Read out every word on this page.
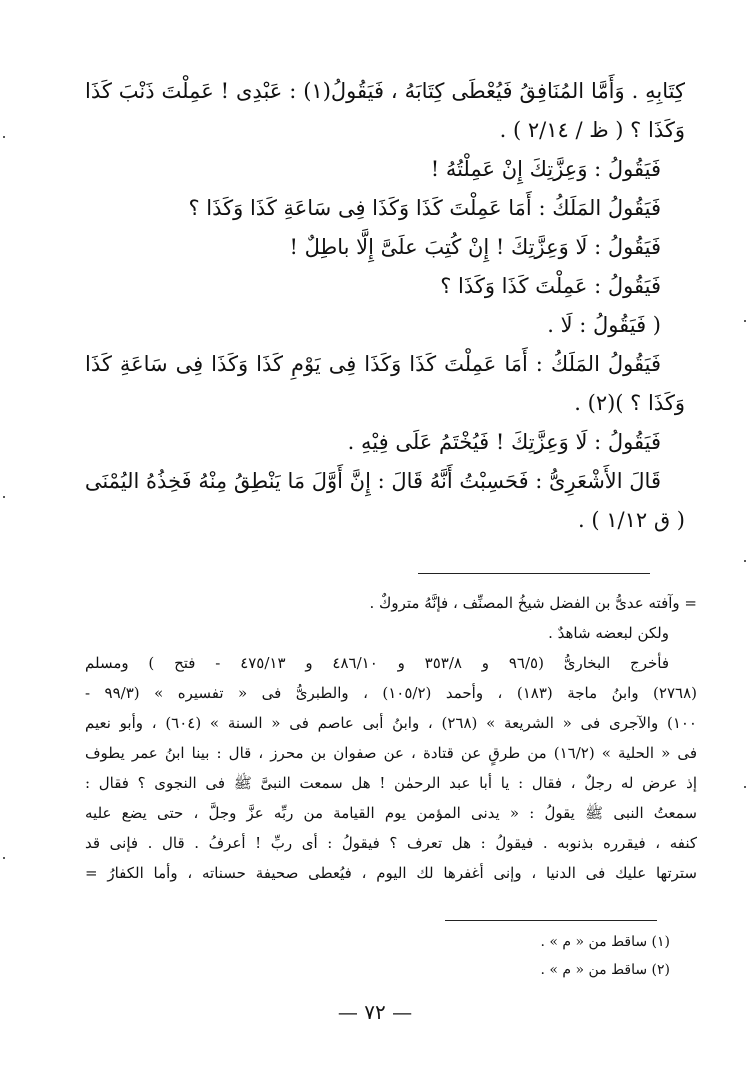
كِتَابِهِ . وَأَمَّا المُنَافِقُ فَيُعْطَى كِتَابَهُ ، فَيَقُولُ(١) : عَبْدِى ! عَمِلْتَ ذَنْبَ كَذَا
وَكَذَا ؟ ( ظ / ٢/١٤ ) .
فَيَقُولُ : وَعِزَّتِكَ إِنْ عَمِلْتُهُ !
فَيَقُولُ المَلَكُ : أَمَا عَمِلْتَ كَذَا وَكَذَا فِى سَاعَةِ كَذَا وَكَذَا ؟
فَيَقُولُ : لَا وَعِزَّتِكَ ! إِنْ كُتِبَ علَىَّ إِلَّا باطِلٌ !
فَيَقُولُ : عَمِلْتَ كَذَا وَكَذَا ؟
( فَيَقُولُ : لَا .
فَيَقُولُ المَلَكُ : أَمَا عَمِلْتَ كَذَا وَكَذَا فِى يَوْمِ كَذَا وَكَذَا فِى سَاعَةِ كَذَا
وَكَذَا ؟ )(٢) .
فَيَقُولُ : لَا وَعِزَّتِكَ ! فَيُخْتَمُ عَلَى فِيْهِ .
قَالَ الأَشْعَرِىُّ : فَحَسِبْتُ أَنَّهُ قَالَ : إِنَّ أَوَّلَ مَا يَنْطِقُ مِنْهُ فَخِذُهُ اليُمْنَى
( ق ١/١٢ ) .
= وآفته عدىُّ بن الفضل شيخُ المصنِّف ، فإنَّهُ متروكٌ .
ولكن لبعضه شاهدٌ .
فأخرج البخارىُّ (٩٦/٥ و ٣٥٣/٨ و ٤٨٦/١٠ و ٤٧٥/١٣ - فتح ) ومسلم
(٢٧٦٨) وابنُ ماجة (١٨٣) ، وأحمد (١٠٥/٢) ، والطبرىُّ فى « تفسيره » (٩٩/٣ -
١٠٠) والآجرى فى « الشريعة » (٢٦٨) ، وابنُ أبى عاصم فى « السنة » (٦٠٤) ، وأبو نعيم
فى « الحلية » (١٦/٢) من طرقٍ عن قتادة ، عن صفوان بن محرز ، قال : بينا ابنُ عمر يطوف
إذ عرض له رجلٌ ، فقال : يا أبا عبد الرحمٰن ! هل سمعت النبىَّ ﷺ فى النجوى ؟ فقال :
سمعتُ النبى ﷺ يقولُ : « يدنى المؤمن يوم القيامة من ربِّه عزَّ وجلَّ ، حتى يضع عليه
كنفه ، فيقرره بذنوبه . فيقولُ : هل تعرف ؟ فيقولُ : أى ربِّ ! أعرفُ . قال . فإنى قد
سترتها عليك فى الدنيا ، وإنى أغفرها لك اليوم ، فيُعطى صحيفة حسناته ، وأما الكفارُ =
(١) ساقط من « م » .
(٢) ساقط من « م » .
— ٧٢ —
